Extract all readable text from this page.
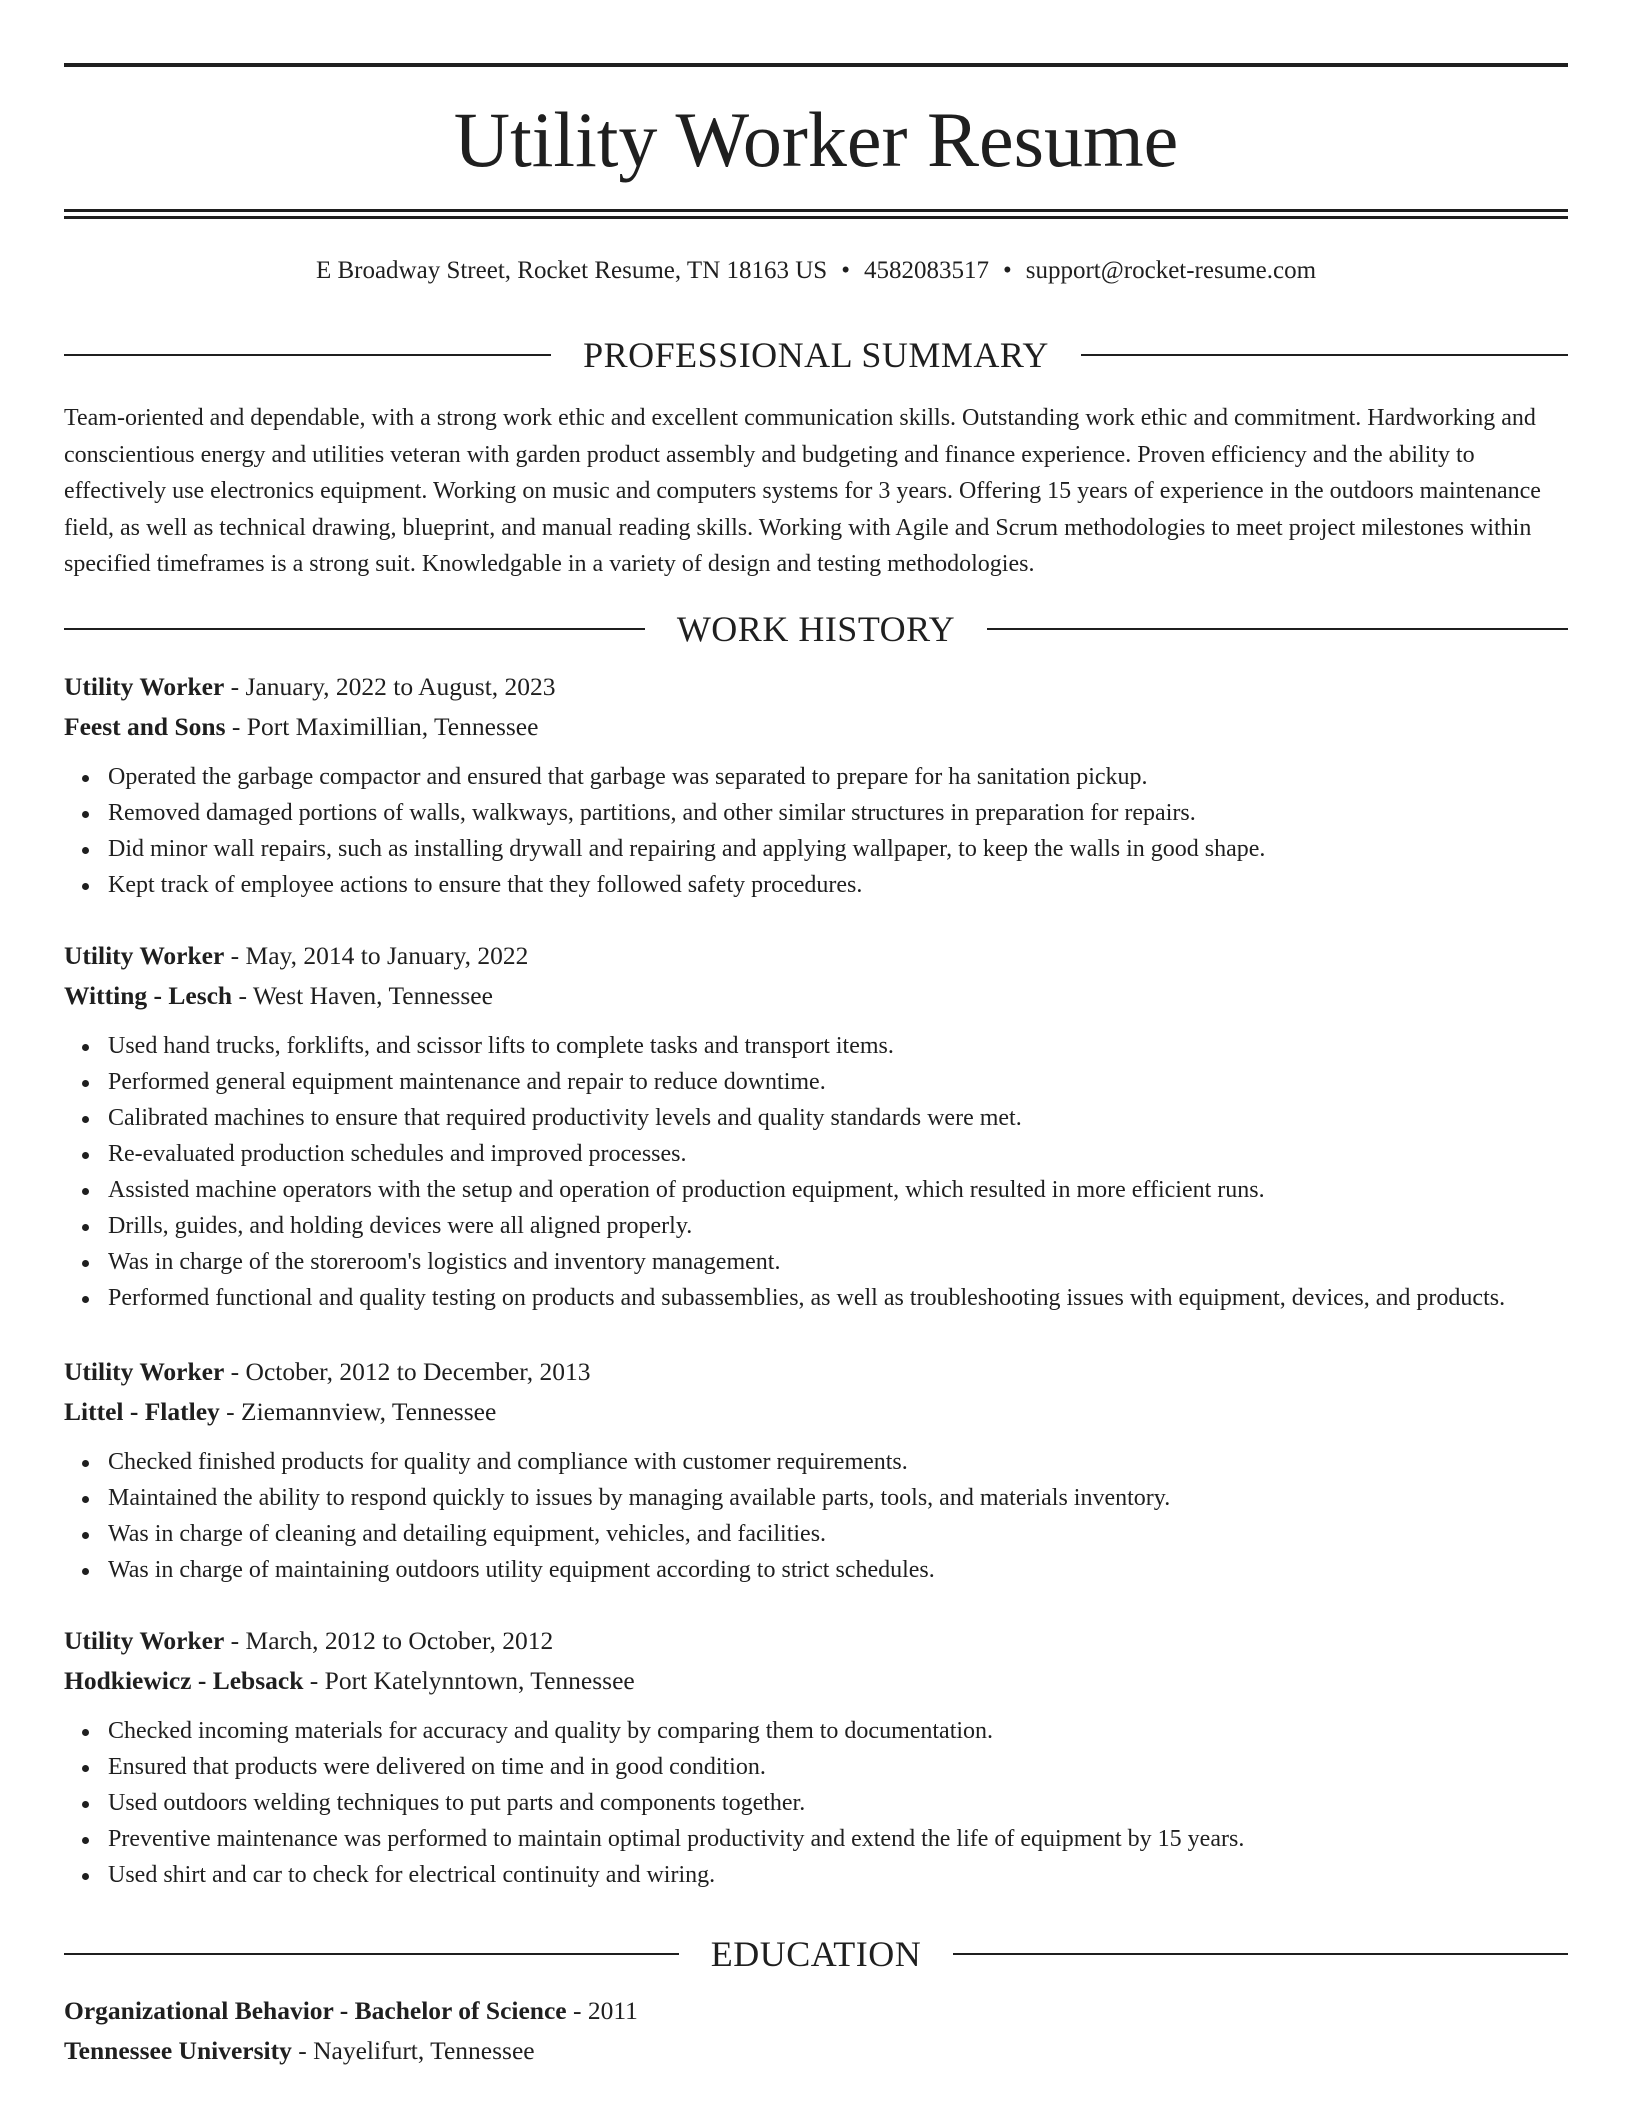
Utility Worker Resume
E Broadway Street, Rocket Resume, TN 18163 US • 4582083517 • support@rocket-resume.com
PROFESSIONAL SUMMARY

Team-oriented and dependable, with a strong work ethic and excellent communication skills. Outstanding work ethic and commitment. Hardworking and conscientious energy and utilities veteran with garden product assembly and budgeting and finance experience. Proven efficiency and the ability to effectively use electronics equipment. Working on music and computers systems for 3 years. Offering 15 years of experience in the outdoors maintenance field, as well as technical drawing, blueprint, and manual reading skills. Working with Agile and Scrum methodologies to meet project milestones within specified timeframes is a strong suit. Knowledgable in a variety of design and testing methodologies.

WORK HISTORY
Utility Worker - January, 2022 to August, 2023
Feest and Sons - Port Maximillian, Tennessee
Operated the garbage compactor and ensured that garbage was separated to prepare for ha sanitation pickup.
Removed damaged portions of walls, walkways, partitions, and other similar structures in preparation for repairs.
Did minor wall repairs, such as installing drywall and repairing and applying wallpaper, to keep the walls in good shape.
Kept track of employee actions to ensure that they followed safety procedures.
Utility Worker - May, 2014 to January, 2022
Witting - Lesch - West Haven, Tennessee
Used hand trucks, forklifts, and scissor lifts to complete tasks and transport items.
Performed general equipment maintenance and repair to reduce downtime.
Calibrated machines to ensure that required productivity levels and quality standards were met.
Re-evaluated production schedules and improved processes.
Assisted machine operators with the setup and operation of production equipment, which resulted in more efficient runs.
Drills, guides, and holding devices were all aligned properly.
Was in charge of the storeroom's logistics and inventory management.
Performed functional and quality testing on products and subassemblies, as well as troubleshooting issues with equipment, devices, and products.
Utility Worker - October, 2012 to December, 2013
Littel - Flatley - Ziemannview, Tennessee
Checked finished products for quality and compliance with customer requirements.
Maintained the ability to respond quickly to issues by managing available parts, tools, and materials inventory.
Was in charge of cleaning and detailing equipment, vehicles, and facilities.
Was in charge of maintaining outdoors utility equipment according to strict schedules.
Utility Worker - March, 2012 to October, 2012
Hodkiewicz - Lebsack - Port Katelynntown, Tennessee
Checked incoming materials for accuracy and quality by comparing them to documentation.
Ensured that products were delivered on time and in good condition.
Used outdoors welding techniques to put parts and components together.
Preventive maintenance was performed to maintain optimal productivity and extend the life of equipment by 15 years.
Used shirt and car to check for electrical continuity and wiring.
EDUCATION
Organizational Behavior - Bachelor of Science - 2011
Tennessee University - Nayelifurt, Tennessee
